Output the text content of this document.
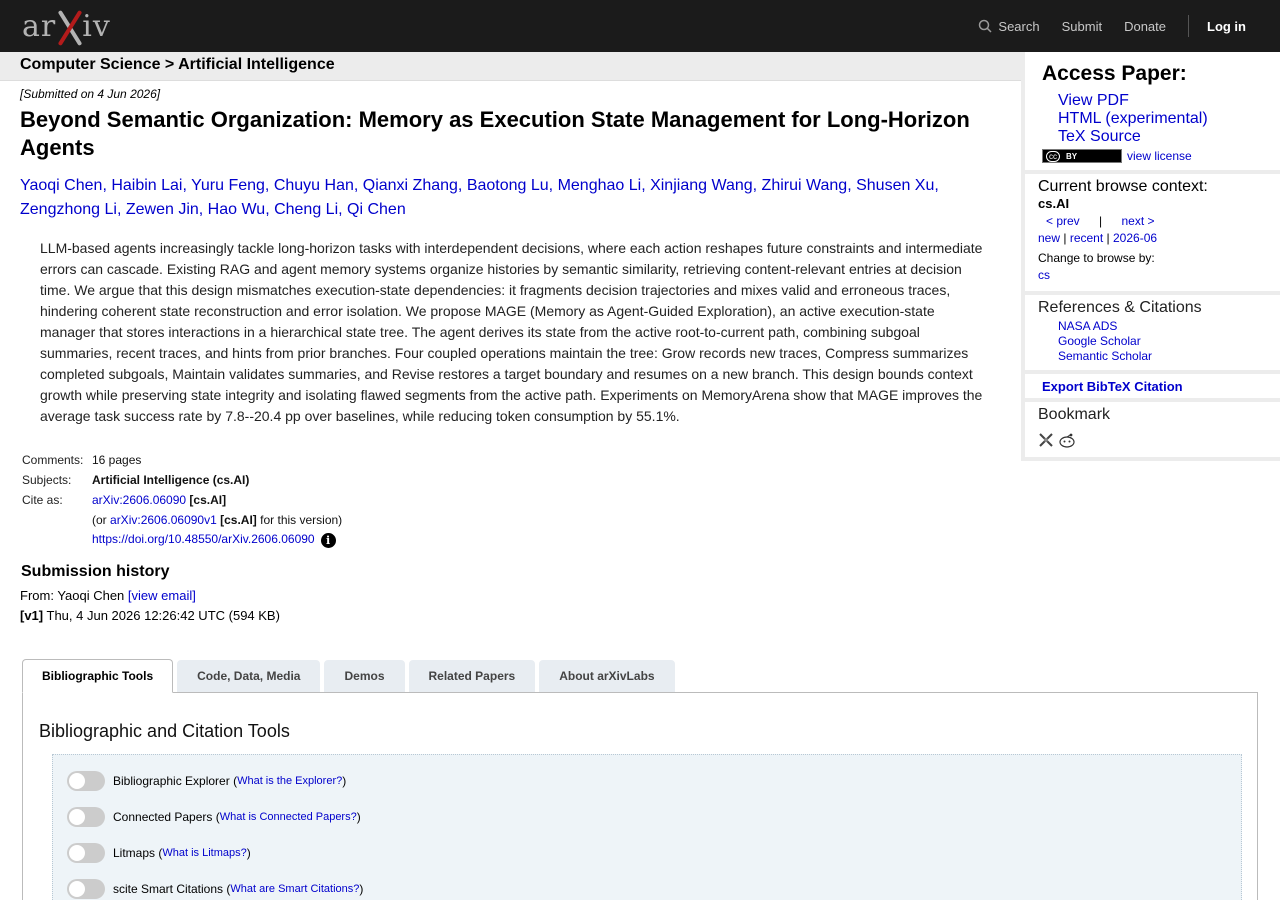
ar iv	Search Submit Donate	Log in
Computer Science > Artificial Intelligence
[Submitted on 4 Jun 2026]
Beyond Semantic Organization: Memory as Execution State Management for Long-Horizon Agents
Yaoqi Chen, Haibin Lai, Yuru Feng, Chuyu Han, Qianxi Zhang, Baotong Lu, Menghao Li, Xinjiang Wang, Zhirui Wang, Shusen Xu, Zengzhong Li, Zewen Jin, Hao Wu, Cheng Li, Qi Chen
LLM-based agents increasingly tackle long-horizon tasks with interdependent decisions, where each action reshapes future constraints and intermediate errors can cascade. Existing RAG and agent memory systems organize histories by semantic similarity, retrieving content-relevant entries at decision time. We argue that this design mismatches execution-state dependencies: it fragments decision trajectories and mixes valid and erroneous traces, hindering coherent state reconstruction and error isolation. We propose MAGE (Memory as Agent-Guided Exploration), an active execution-state manager that stores interactions in a hierarchical state tree. The agent derives its state from the active root-to-current path, combining subgoal summaries, recent traces, and hints from prior branches. Four coupled operations maintain the tree: Grow records new traces, Compress summarizes completed subgoals, Maintain validates summaries, and Revise restores a target boundary and resumes on a new branch. This design bounds context growth while preserving state integrity and isolating flawed segments from the active path. Experiments on MemoryArena show that MAGE improves the average task success rate by 7.8--20.4 pp over baselines, while reducing token consumption by 55.1%.
Comments: 16 pages
Subjects:	Artificial Intelligence (cs.AI)
Cite as:	arXiv:2606.06090 [cs.AI]
(or arXiv:2606.06090v1 [cs.AI] for this version)
https://doi.org/10.48550/arXiv.2606.06090 i
Submission history
From: Yaoqi Chen [view email]
[v1] Thu, 4 Jun 2026 12:26:42 UTC (594 KB)
Bibliographic Tools	Code, Data, Media	Demos	Related Papers	About arXivLabs
Bibliographic and Citation Tools
Bibliographic Explorer ( What is the Explorer? )
Connected Papers ( What is Connected Papers? )
Litmaps ( What is Litmaps? )
scite Smart Citations ( What are Smart Citations? )
Access Paper:
View PDF
HTML (experimental)
TeX Source
cc	BY	view license
Current browse context:
cs.AI
< prev | next >
new | recent | 2026-06
Change to browse by:
cs
References & Citations
NASA ADS
Google Scholar
Semantic Scholar
Export BibTeX Citation
Bookmark
